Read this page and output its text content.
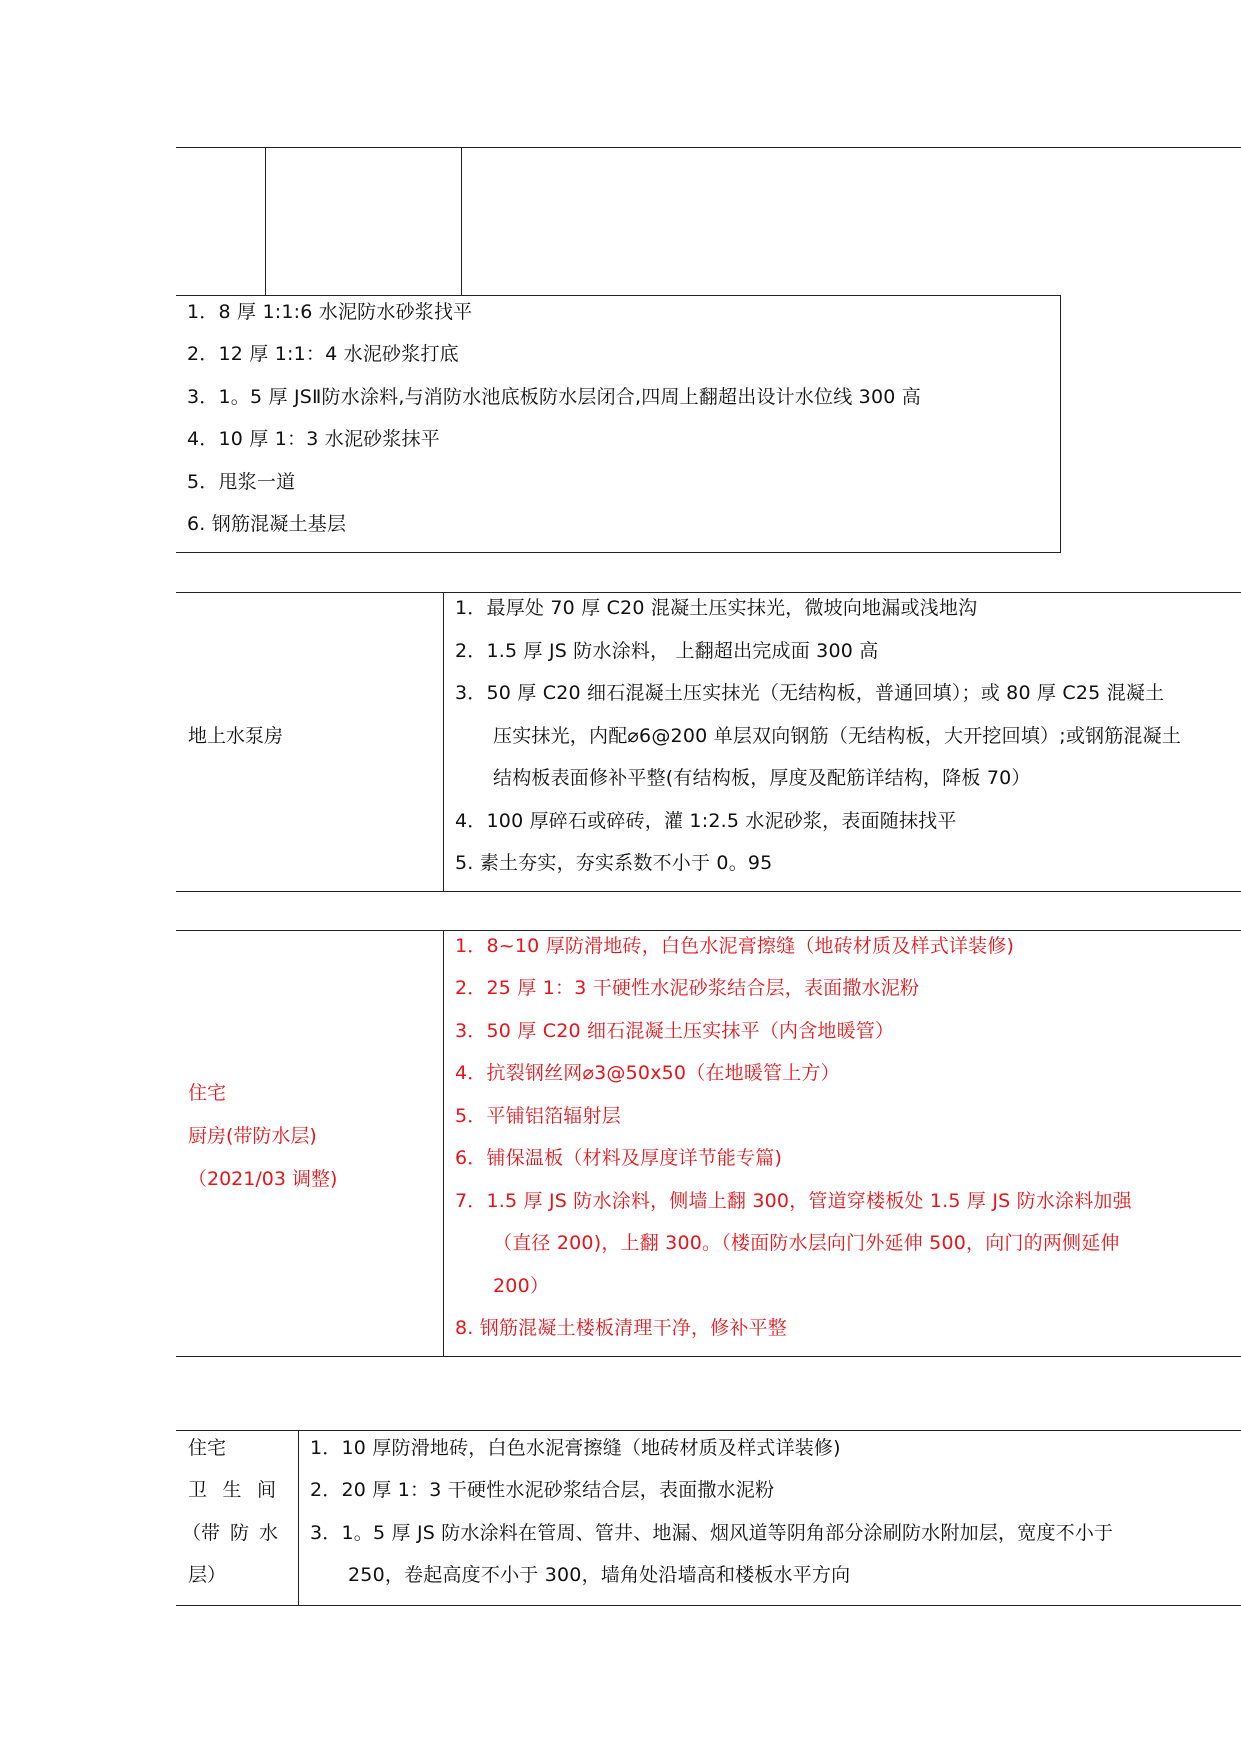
1．8 厚 1:1:6 水泥防水砂浆找平
2．12 厚 1:1：4 水泥砂浆打底
3．1。5 厚 JSⅡ防水涂料,与消防水池底板防水层闭合,四周上翻超出设计水位线 300 高
4．10 厚 1：3 水泥砂浆抹平
5．甩浆一道
6. 钢筋混凝土基层
地上水泵房
1．最厚处 70 厚 C20 混凝土压实抹光，微坡向地漏或浅地沟
2．1.5 厚 JS 防水涂料， 上翻超出完成面 300 高
3．50 厚 C20 细石混凝土压实抹光（无结构板，普通回填）；或 80 厚 C25 混凝土
压实抹光，内配⌀6@200 单层双向钢筋（无结构板，大开挖回填）;或钢筋混凝土
结构板表面修补平整(有结构板，厚度及配筋详结构，降板 70）
4．100 厚碎石或碎砖，灌 1:2.5 水泥砂浆，表面随抹找平
5. 素土夯实，夯实系数不小于 0。95
住宅
厨房(带防水层)
（2021/03 调整)
1．8~10 厚防滑地砖，白色水泥膏擦缝（地砖材质及样式详装修)
2．25 厚 1：3 干硬性水泥砂浆结合层，表面撒水泥粉
3．50 厚 C20 细石混凝土压实抹平（内含地暖管）
4．抗裂钢丝网⌀3@50x50（在地暖管上方）
5．平铺铝箔辐射层
6．铺保温板（材料及厚度详节能专篇)
7．1.5 厚 JS 防水涂料，侧墙上翻 300，管道穿楼板处 1.5 厚 JS 防水涂料加强
（直径 200)，上翻 300。（楼面防水层向门外延伸 500，向门的两侧延伸
200）
8. 钢筋混凝土楼板清理干净，修补平整
住宅
卫 生 间
（带 防 水
层）
1．10 厚防滑地砖，白色水泥膏擦缝（地砖材质及样式详装修)
2．20 厚 1：3 干硬性水泥砂浆结合层，表面撒水泥粉
3．1。5 厚 JS 防水涂料在管周、管井、地漏、烟风道等阴角部分涂刷防水附加层，宽度不小于
250，卷起高度不小于 300，墙角处沿墙高和楼板水平方向
